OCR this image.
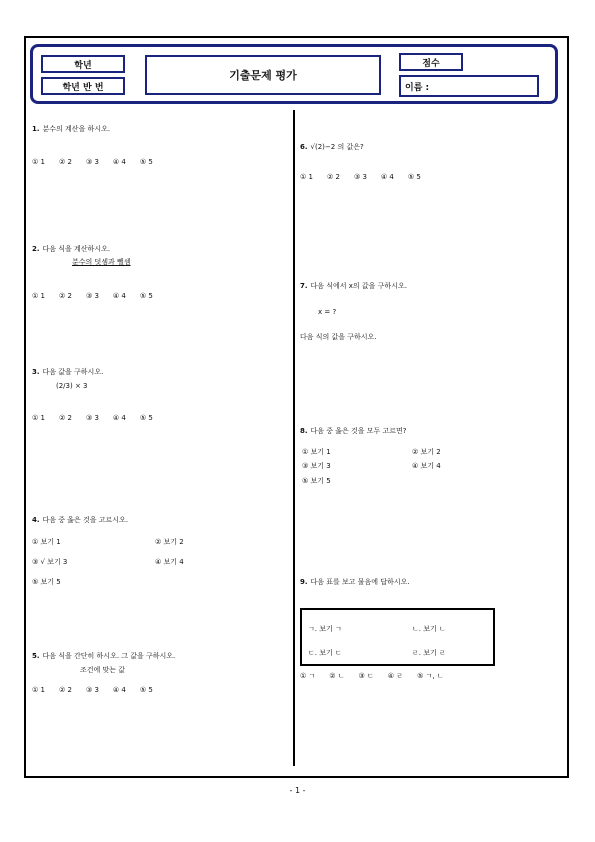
학년
학년 반 번
기출문제 평가
점수
이름 :
1. 분수의 계산을 하시오.
① 1 ② 2 ③ 3 ④ 4 ⑤ 5
2. 다음 식을 계산하시오.
분수의 덧셈과 뺄셈
① 1 ② 2 ③ 3 ④ 4 ⑤ 5
3. 다음 값을 구하시오.
(2/3) × 3
① 1 ② 2 ③ 3 ④ 4 ⑤ 5
4. 다음 중 옳은 것을 고르시오.
① 보기 1	② 보기 2
③ √ 보기 3	④ 보기 4
⑤ 보기 5
5. 다음 식을 간단히 하시오. 그 값을 구하시오.
조건에 맞는 값
① 1 ② 2 ③ 3 ④ 4 ⑤ 5
6. √(2)−2 의 값은?
① 1 ② 2 ③ 3 ④ 4 ⑤ 5
7. 다음 식에서 x의 값을 구하시오.
x = ?
다음 식의 값을 구하시오.
8. 다음 중 옳은 것을 모두 고르면?
① 보기 1	② 보기 2
③ 보기 3	④ 보기 4
⑤ 보기 5
9. 다음 표를 보고 물음에 답하시오.
ㄱ. 보기 ㄱ	ㄴ. 보기 ㄴ
ㄷ. 보기 ㄷ	ㄹ. 보기 ㄹ
① ㄱ ② ㄴ ③ ㄷ ④ ㄹ ⑤ ㄱ, ㄴ
- 1 -
